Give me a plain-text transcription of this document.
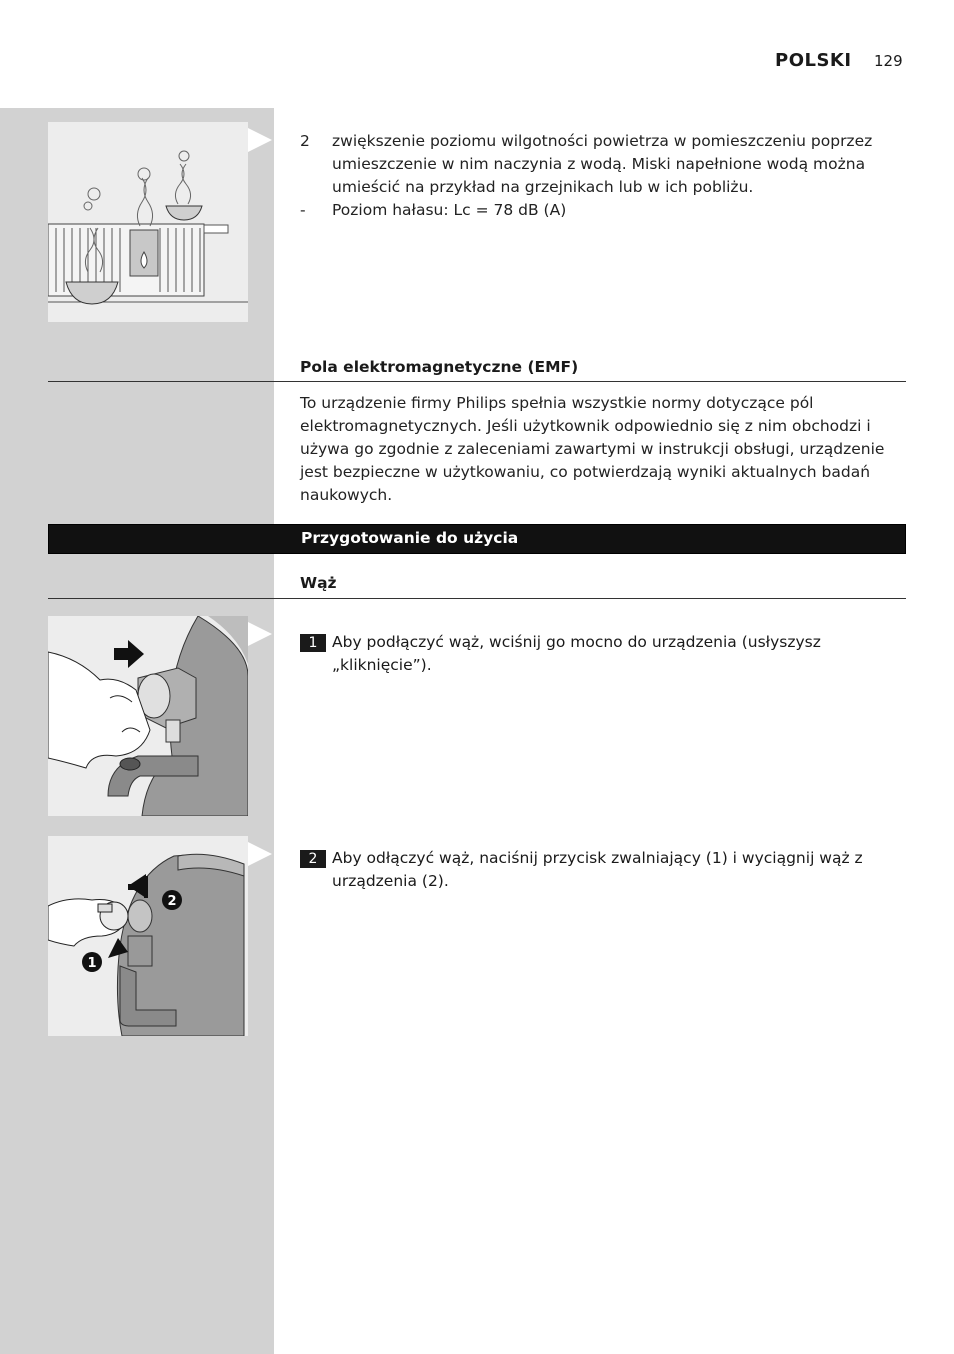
POLSKI 129
2 zwiększenie poziomu wilgotności powietrza w pomieszczeniu poprzez umieszczenie w nim naczynia z wodą. Miski napełnione wodą można umieścić na przykład na grzejnikach lub w ich pobliżu.
- Poziom hałasu: Lc = 78 dB (A)
Pola elektromagnetyczne (EMF)
To urządzenie firmy Philips spełnia wszystkie normy dotyczące pól elektromagnetycznych. Jeśli użytkownik odpowiednio się z nim obchodzi i używa go zgodnie z zaleceniami zawartymi w instrukcji obsługi, urządzenie jest bezpieczne w użytkowaniu, co potwierdzają wyniki aktualnych badań naukowych.
Przygotowanie do użycia
Wąż
1 Aby podłączyć wąż, wciśnij go mocno do urządzenia (usłyszysz „kliknięcie”).
2
1
2 Aby odłączyć wąż, naciśnij przycisk zwalniający (1) i wyciągnij wąż z urządzenia (2).
